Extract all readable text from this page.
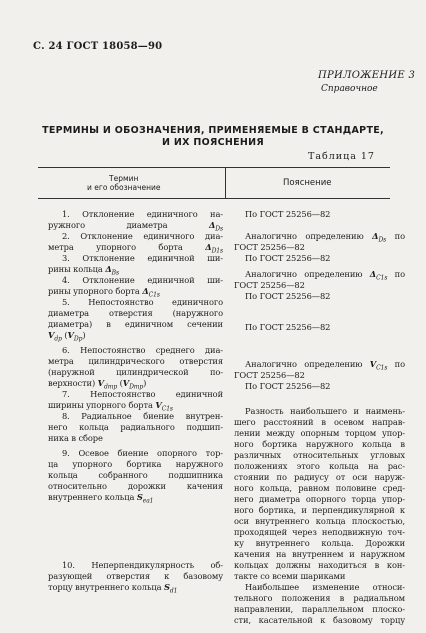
С. 24 ГОСТ 18058—90
ПРИЛОЖЕНИЕ 3
Справочное
ТЕРМИНЫ И ОБОЗНАЧЕНИЯ, ПРИМЕНЯЕМЫЕ В СТАНДАРТЕ,
И ИХ ПОЯСНЕНИЯ
Таблица 17
Термин
и его обозначение	Пояснение
1. Отклонение единичного на-
ружного диаметра $\Delta_{Ds}$
2. Отклонение единичного диа-
метра упорного борта $\Delta_{D1s}$
3. Отклонение единичной ши-
рины кольца $\Delta_{Bs}$
4. Отклонение единичной ши-
рины упорного борта $\Delta_{C1s}$
5. Непостоянство единичного
диаметра отверстия (наружного
диаметра) в единичном сечении
$V_{dp}$ $(V_{Dp})$
6. Непостоянство среднего диа-
метра цилиндрического отверстия
(наружной цилиндрической по-
верхности) $V_{dmp}$ $(V_{Dmp})$
7. Непостоянство единичной
ширины упорного борта $V_{C1s}$
8. Радиальное биение внутрен-
него кольца радиального подшип-
ника в сборе
9. Осевое биение опорного тор-
ца упорного бортика наружного
кольца собранного подшипника
относительно дорожки качения
внутреннего кольца $S_{ea1}$
10. Неперпендикулярность об-
разующей отверстия к базовому
торцу внутреннего кольца $S_{d1}$
По ГОСТ 25256—82
Аналогично определению $\Delta_{Ds}$ по
ГОСТ 25256—82
По ГОСТ 25256—82
Аналогично определению $\Delta_{C1s}$ по
ГОСТ 25256—82
По ГОСТ 25256—82
По ГОСТ 25256—82
Аналогично определению $V_{C1s}$ по
ГОСТ 25256—82
По ГОСТ 25256—82
Разность наибольшего и наимень-
шего расстояний в осевом направ-
лении между опорным торцом упор-
ного бортика наружного кольца в
различных относительных угловых
положениях этого кольца на рас-
стоянии по радиусу от оси наруж-
ного кольца, равном половине сред-
него диаметра опорного торца упор-
ного бортика, и перпендикулярной к
оси внутреннего кольца плоскостью,
проходящей через неподвижную точ-
ку внутреннего кольца. Дорожки
качения на внутреннем и наружном
кольцах должны находиться в кон-
такте со всеми шариками
Наибольшее изменение относи-
тельного положения в радиальном
направлении, параллельном плоско-
сти, касательной к базовому торцу
